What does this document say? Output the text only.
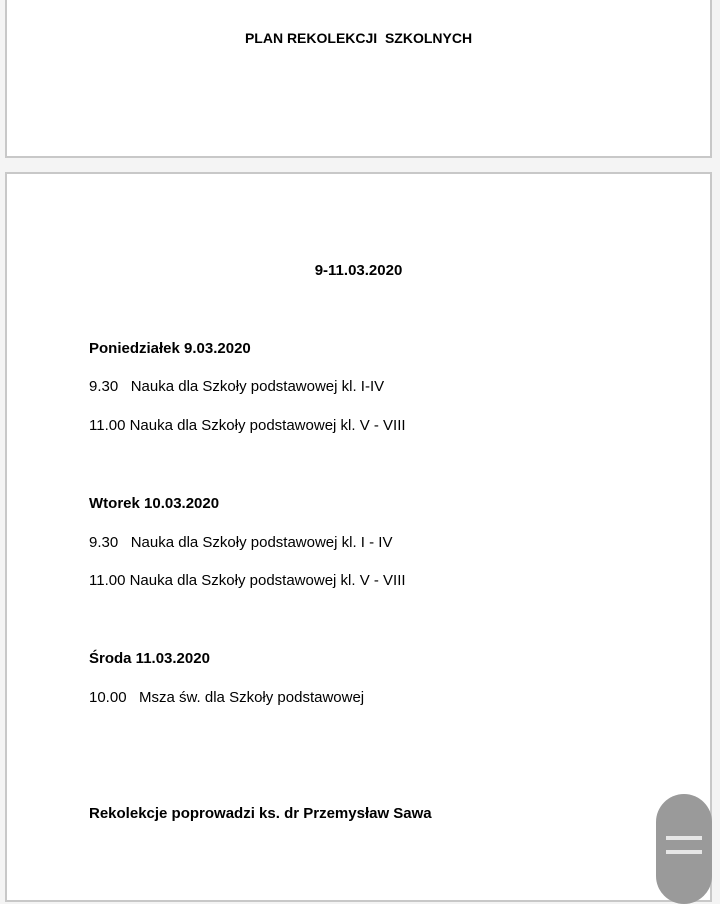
PLAN REKOLEKCJI  SZKOLNYCH
9-11.03.2020
Poniedziałek 9.03.2020
9.30   Nauka dla Szkoły podstawowej kl. I-IV
11.00 Nauka dla Szkoły podstawowej kl. V - VIII
Wtorek 10.03.2020
9.30   Nauka dla Szkoły podstawowej kl. I - IV
11.00 Nauka dla Szkoły podstawowej kl. V - VIII
Środa 11.03.2020
10.00   Msza św. dla Szkoły podstawowej
Rekolekcje poprowadzi ks. dr Przemysław Sawa
